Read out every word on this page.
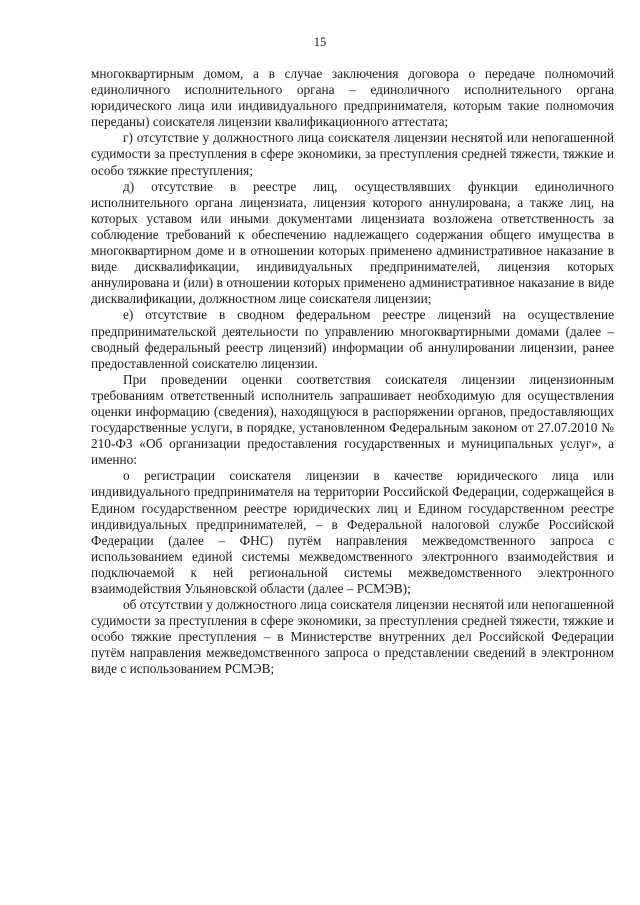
15

многоквартирным домом, а в случае заключения договора о передаче полномочий единоличного исполнительного органа – единоличного исполнительного органа юридического лица или индивидуального предпринимателя, которым такие полномочия переданы) соискателя лицензии квалификационного аттестата;

г) отсутствие у должностного лица соискателя лицензии неснятой или непогашенной судимости за преступления в сфере экономики, за преступления средней тяжести, тяжкие и особо тяжкие преступления;

д) отсутствие в реестре лиц, осуществлявших функции единоличного исполнительного органа лицензиата, лицензия которого аннулирована, а также лиц, на которых уставом или иными документами лицензиата возложена ответственность за соблюдение требований к обеспечению надлежащего содержания общего имущества в многоквартирном доме и в отношении которых применено административное наказание в виде дисквалификации, индивидуальных предпринимателей, лицензия которых аннулирована и (или) в отношении которых применено административное наказание в виде дисквалификации, должностном лице соискателя лицензии;

е) отсутствие в сводном федеральном реестре лицензий на осуществление предпринимательской деятельности по управлению многоквартирными домами (далее – сводный федеральный реестр лицензий) информации об аннулировании лицензии, ранее предоставленной соискателю лицензии.

При проведении оценки соответствия соискателя лицензии лицензионным требованиям ответственный исполнитель запрашивает необходимую для осуществления оценки информацию (сведения), находящуюся в распоряжении органов, предоставляющих государственные услуги, в порядке, установленном Федеральным законом от 27.07.2010 № 210-ФЗ «Об организации предоставления государственных и муниципальных услуг», а именно:

о регистрации соискателя лицензии в качестве юридического лица или индивидуального предпринимателя на территории Российской Федерации, содержащейся в Едином государственном реестре юридических лиц и Едином государственном реестре индивидуальных предпринимателей, – в Федеральной налоговой службе Российской Федерации (далее – ФНС) путём направления межведомственного запроса с использованием единой системы межведомственного электронного взаимодействия и подключаемой к ней региональной системы межведомственного электронного взаимодействия Ульяновской области (далее – РСМЭВ);

об отсутствии у должностного лица соискателя лицензии неснятой или непогашенной судимости за преступления в сфере экономики, за преступления средней тяжести, тяжкие и особо тяжкие преступления – в Министерстве внутренних дел Российской Федерации путём направления межведомственного запроса о представлении сведений в электронном виде с использованием РСМЭВ;
